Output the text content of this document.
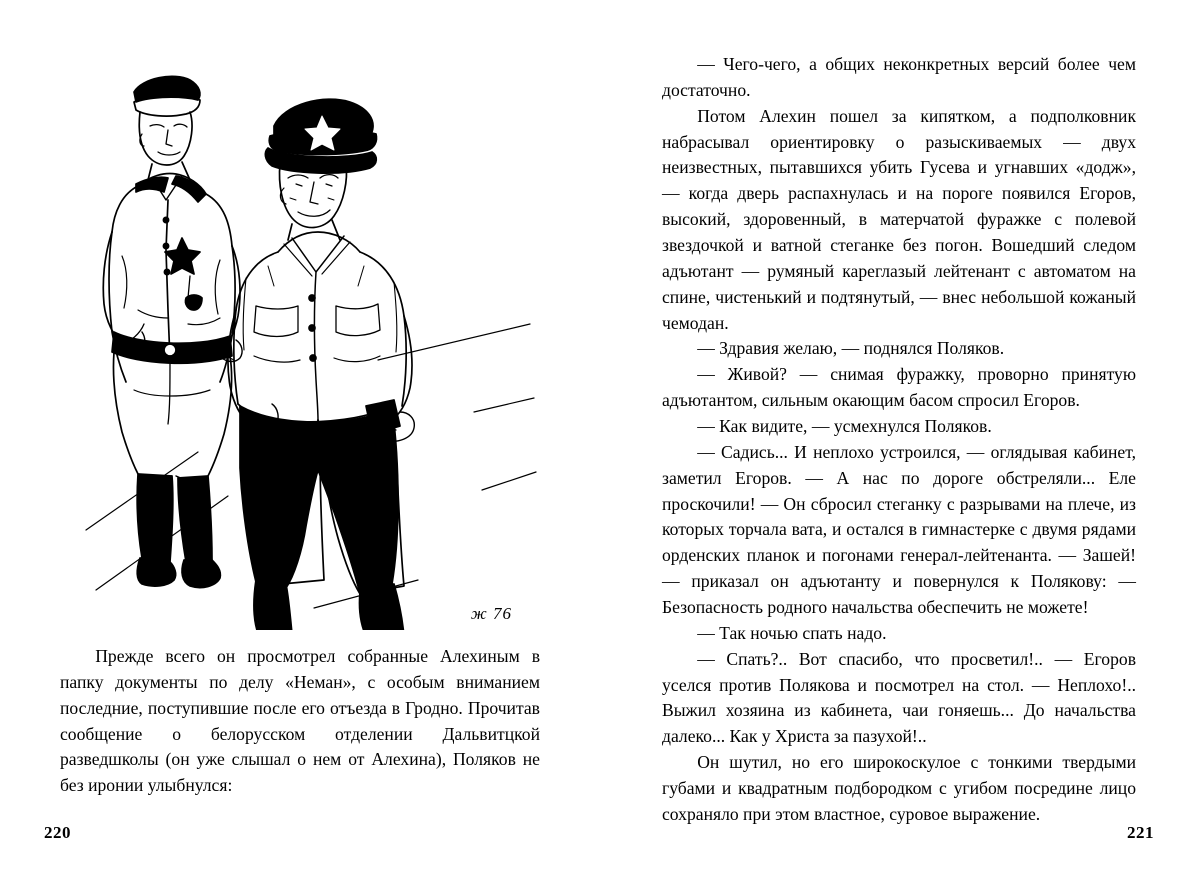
ж 76

Прежде всего он просмотрел собранные Алехиным в папку документы по делу «Неман», с особым вниманием последние, поступившие после его отъезда в Гродно. Прочитав сообщение о белорусском отделении Дальвитцкой разведшколы (он уже слышал о нем от Алехина), Поляков не без иронии улыбнулся:

220

— Чего-чего, а общих неконкретных версий более чем достаточно.

Потом Алехин пошел за кипятком, а подполковник набрасывал ориентировку о разыскиваемых — двух неизвестных, пытавшихся убить Гусева и угнавших «додж», — когда дверь распахнулась и на пороге появился Егоров, высокий, здоровенный, в матерчатой фуражке с полевой звездочкой и ватной стеганке без погон. Вошедший следом адъютант — румяный кареглазый лейтенант с автоматом на спине, чистенький и подтянутый, — внес небольшой кожаный чемодан.

— Здравия желаю, — поднялся Поляков.

— Живой? — снимая фуражку, проворно принятую адъютантом, сильным окающим басом спросил Егоров.

— Как видите, — усмехнулся Поляков.

— Садись... И неплохо устроился, — оглядывая кабинет, заметил Егоров. — А нас по дороге обстреляли... Еле проскочили! — Он сбросил стеганку с разрывами на плече, из которых торчала вата, и остался в гимнастерке с двумя рядами орденских планок и погонами генерал-лейтенанта. — Зашей! — приказал он адъютанту и повернулся к Полякову: — Безопасность родного начальства обеспечить не можете!

— Так ночью спать надо.

— Спать?.. Вот спасибо, что просветил!.. — Егоров уселся против Полякова и посмотрел на стол. — Неплохо!.. Выжил хозяина из кабинета, чаи гоняешь... До начальства далеко... Как у Христа за пазухой!..

Он шутил, но его широкоскулое с тонкими твердыми губами и квадратным подбородком с угибом посредине лицо сохраняло при этом властное, суровое выражение.

221
